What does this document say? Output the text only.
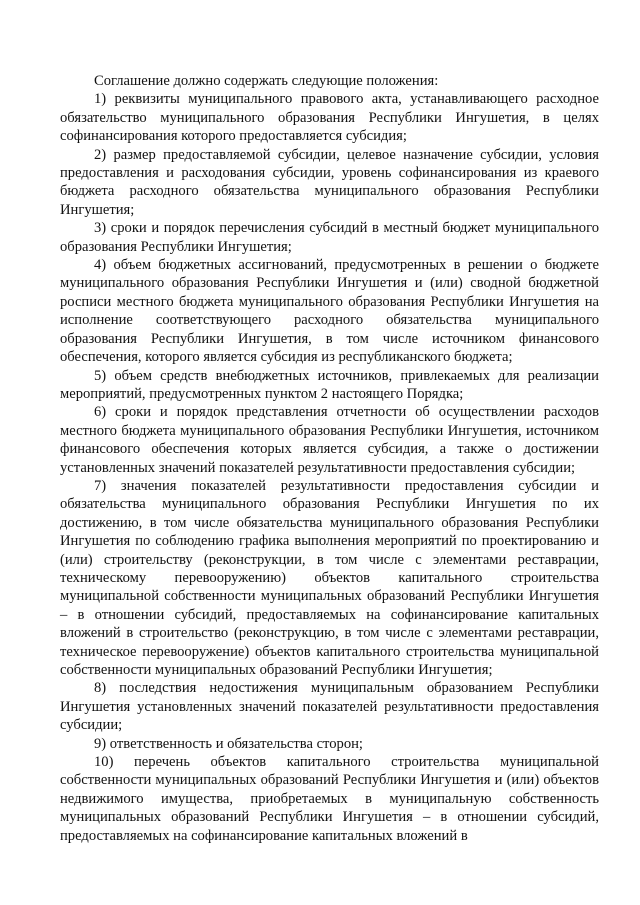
Соглашение должно содержать следующие положения:

1) реквизиты муниципального правового акта, устанавливающего расходное обязательство муниципального образования Республики Ингушетия, в целях софинансирования которого предоставляется субсидия;

2) размер предоставляемой субсидии, целевое назначение субсидии, условия предоставления и расходования субсидии, уровень софинансирования из краевого бюджета расходного обязательства муниципального образования Республики Ингушетия;

3) сроки и порядок перечисления субсидий в местный бюджет муниципального образования Республики Ингушетия;

4) объем бюджетных ассигнований, предусмотренных в решении о бюджете муниципального образования Республики Ингушетия и (или) сводной бюджетной росписи местного бюджета муниципального образования Республики Ингушетия на исполнение соответствующего расходного обязательства муниципального образования Республики Ингушетия, в том числе источником финансового обеспечения, которого является субсидия из республиканского бюджета;

5) объем средств внебюджетных источников, привлекаемых для реализации мероприятий, предусмотренных пунктом 2 настоящего Порядка;

6) сроки и порядок представления отчетности об осуществлении расходов местного бюджета муниципального образования Республики Ингушетия, источником финансового обеспечения которых является субсидия, а также о достижении установленных значений показателей результативности предоставления субсидии;

7) значения показателей результативности предоставления субсидии и обязательства муниципального образования Республики Ингушетия по их достижению, в том числе обязательства муниципального образования Республики Ингушетия по соблюдению графика выполнения мероприятий по проектированию и (или) строительству (реконструкции, в том числе с элементами реставрации, техническому перевооружению) объектов капитального строительства муниципальной собственности муниципальных образований Республики Ингушетия – в отношении субсидий, предоставляемых на софинансирование капитальных вложений в строительство (реконструкцию, в том числе с элементами реставрации, техническое перевооружение) объектов капитального строительства муниципальной собственности муниципальных образований Республики Ингушетия;

8) последствия недостижения муниципальным образованием Республики Ингушетия установленных значений показателей результативности предоставления субсидии;

9) ответственность и обязательства сторон;

10) перечень объектов капитального строительства муниципальной собственности муниципальных образований Республики Ингушетия и (или) объектов недвижимого имущества, приобретаемых в муниципальную собственность муниципальных образований Республики Ингушетия – в отношении субсидий, предоставляемых на софинансирование капитальных вложений в
